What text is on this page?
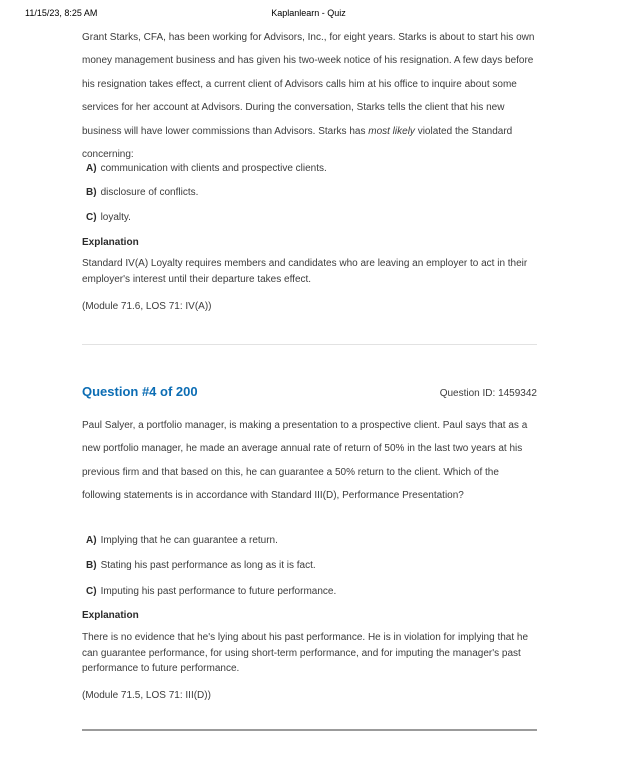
11/15/23, 8:25 AM	Kaplanlearn - Quiz
Grant Starks, CFA, has been working for Advisors, Inc., for eight years. Starks is about to start his own money management business and has given his two-week notice of his resignation. A few days before his resignation takes effect, a current client of Advisors calls him at his office to inquire about some services for her account at Advisors. During the conversation, Starks tells the client that his new business will have lower commissions than Advisors. Starks has most likely violated the Standard concerning:
A) communication with clients and prospective clients.
B) disclosure of conflicts.
C) loyalty.
Explanation
Standard IV(A) Loyalty requires members and candidates who are leaving an employer to act in their employer's interest until their departure takes effect.
(Module 71.6, LOS 71: IV(A))
Question #4 of 200	Question ID: 1459342
Paul Salyer, a portfolio manager, is making a presentation to a prospective client. Paul says that as a new portfolio manager, he made an average annual rate of return of 50% in the last two years at his previous firm and that based on this, he can guarantee a 50% return to the client. Which of the following statements is in accordance with Standard III(D), Performance Presentation?
A) Implying that he can guarantee a return.
B) Stating his past performance as long as it is fact.
C) Imputing his past performance to future performance.
Explanation
There is no evidence that he's lying about his past performance. He is in violation for implying that he can guarantee performance, for using short-term performance, and for imputing the manager's past performance to future performance.
(Module 71.5, LOS 71: III(D))
